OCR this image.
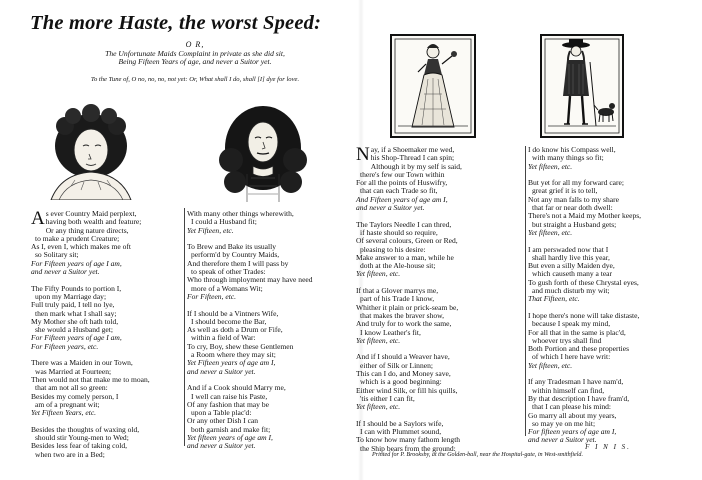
The more Haste, the worst Speed:
O R,
The Unfortunate Maids Complaint in private as she did sit,
Being Fifteen Years of age, and never a Suitor yet.
To the Tune of, O no, no, no, not yet: Or, What shall I do, shall [I] dye for love.
As ever Country Maid perplext,
having both wealth and feature;
Or any thing nature directs,
to make a prudent Creature;
As I, even I, which makes me oft
so Solitary sit;
For Fifteen years of age I am,
and never a Suitor yet.
The Fifty Pounds to portion I,
upon my Marriage day;
Full truly paid, I tell no lye,
then mark what I shall say;
My Mother she oft hath told,
she would a Husband get;
For Fifteen years of age I am,
For Fifteen years, etc.
There was a Maiden in our Town,
was Married at Fourteen;
Then would not that make me to moan,
that am not all so green:
Besides my comely person, I
am of a pregnant wit;
Yet Fifteen Years, etc.
Besides the thoughts of waxing old,
should stir Young-men to Wed;
Besides less fear of taking cold,
when two are in a Bed;
With many other things wherewith,
I could a Husband fit;
Yet Fifteen, etc.
To Brew and Bake its usually
perform'd by Country Maids,
And therefore them I will pass by
to speak of other Trades:
Who through imployment may have need
more of a Womans Wit;
For Fifteen, etc.
If I should be a Vintners Wife,
I should become the Bar,
As well as doth a Drum or Fife,
within a field of War:
To cry, Boy, shew these Gentlemen
a Room where they may sit;
Yet Fifteen years of age am I,
and never a Suitor yet.
And if a Cook should Marry me,
I well can raise his Paste,
Of any fashion that may be
upon a Table plac'd:
Or any other Dish I can
both garnish and make fit;
Yet fifteen years of age am I,
and never a Suitor yet.
Nay, if a Shoemaker me wed,
his Shop-Thread I can spin;
Although it by my self is said,
there's few our Town within
For all the points of Huswifry,
that can each Trade so fit,
And Fifteen years of age am I,
and never a Suitor yet.
The Taylors Needle I can thred,
if haste should so require,
Of several colours, Green or Red,
pleasing to his desire:
Make answer to a man, while he
doth at the Ale-house sit;
Yet fifteen, etc.
If that a Glover marrys me,
part of his Trade I know,
Whither it plain or prick-seam be,
that makes the braver show,
And truly for to work the same,
I know Leather's fit,
Yet fifteen, etc.
And if I should a Weaver have,
either of Silk or Linnen;
This can I do, and Money save,
which is a good beginning:
Either wind Silk, or fill his quills,
'tis either I can fit,
Yet fifteen, etc.
If I should be a Saylors wife,
I can with Plummet sound,
To know how many fathom length
the Ship bears from the ground:
I do know his Compass well,
with many things so fit;
Yet fifteen, etc.
But yet for all my forward care;
great grief it is to tell,
Not any man falls to my share
that far or near doth dwell:
There's not a Maid my Mother keeps,
but straight a Husband gets;
Yet fifteen, etc.
I am perswaded now that I
shall hardly live this year,
But even a silly Maiden dye,
which causeth many a tear
To gush forth of these Chrystal eyes,
and much disturb my wit;
That Fifteen, etc.
I hope there's none will take distaste,
because I speak my mind,
For all that in the same is plac'd,
whoever trys shall find
Both Portion and these properties
of which I here have writ:
Yet fifteen, etc.
If any Tradesman I have nam'd,
within himself can find,
By that description I have fram'd,
that I can please his mind:
Go marry all about my years,
so may ye on me hit;
For fifteen years of age am I,
and never a Suitor yet.
F I N I S.
Printed for P. Brooksby, at the Golden-ball, near the Hospital-gate, in West-smithfield.
